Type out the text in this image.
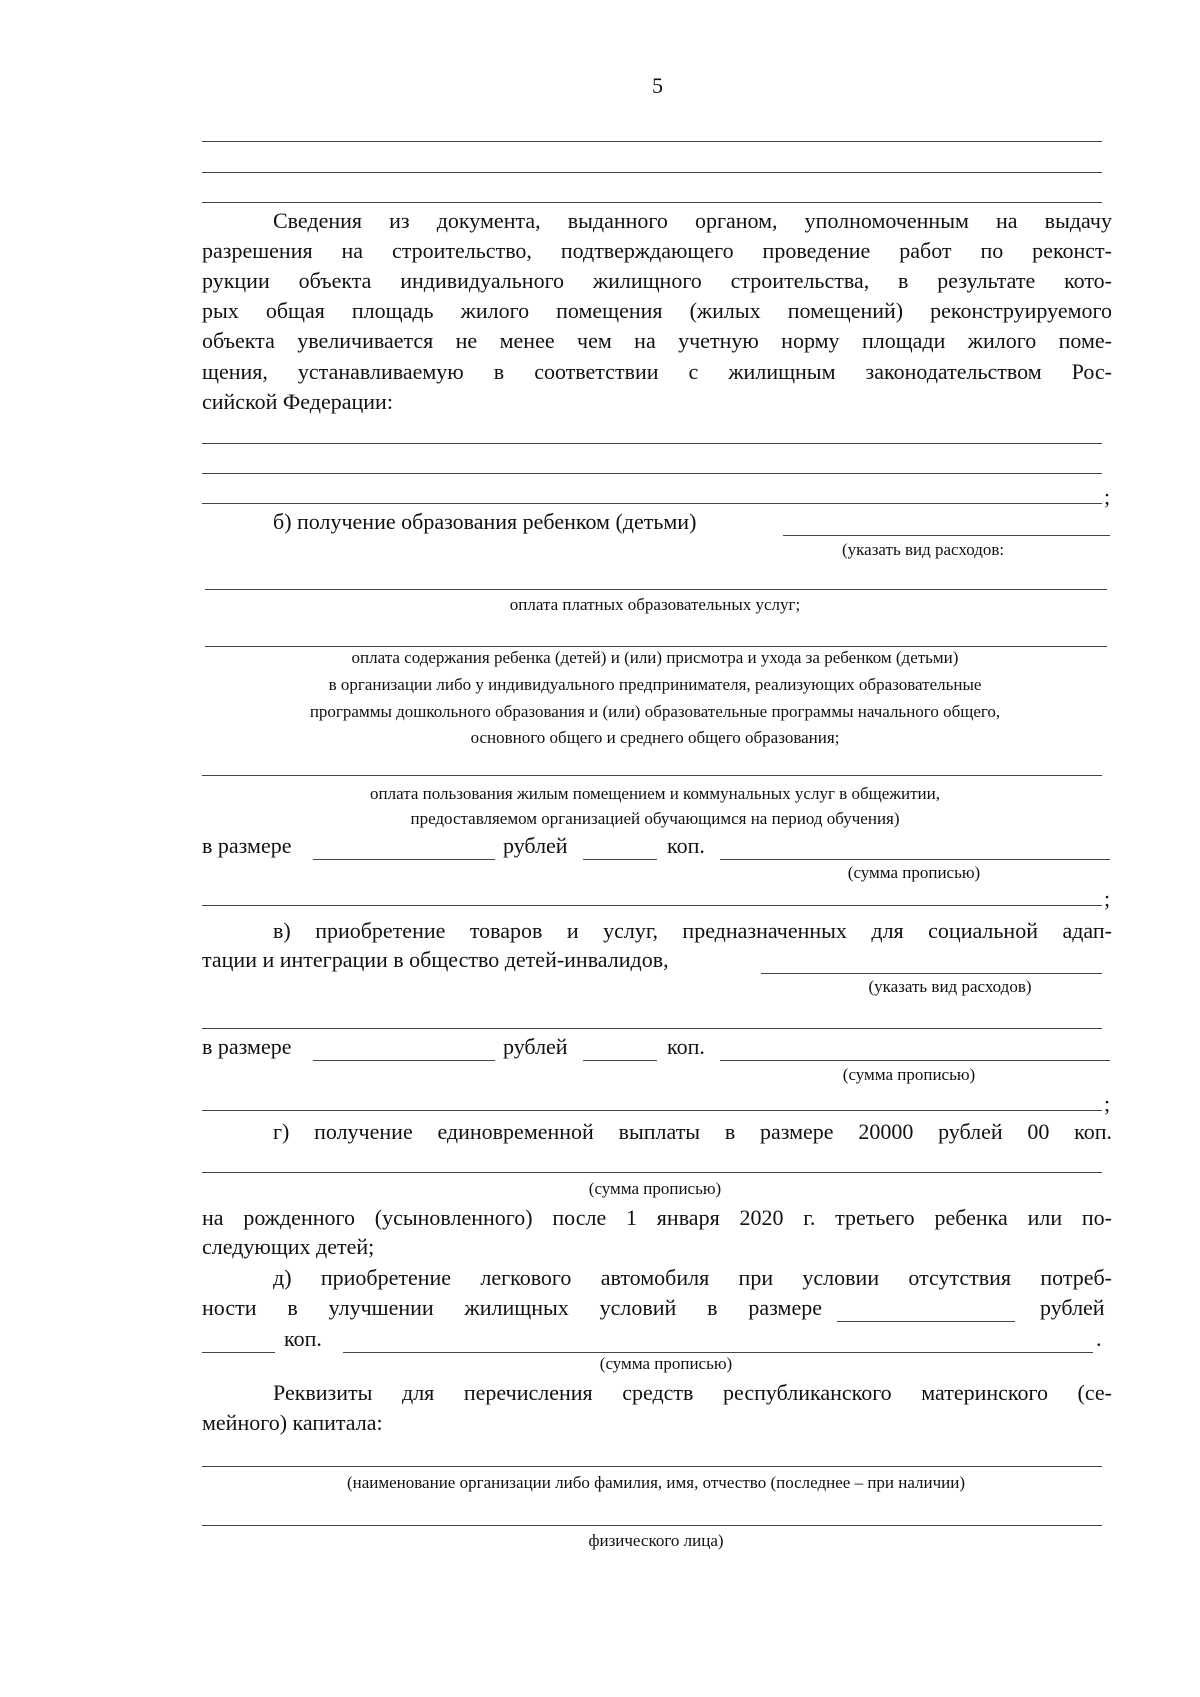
5
Сведения из документа, выданного органом, уполномоченным на выдачу
разрешения на строительство, подтверждающего проведение работ по реконст-
рукции объекта индивидуального жилищного строительства, в результате кото-
рых общая площадь жилого помещения (жилых помещений) реконструируемого
объекта увеличивается не менее чем на учетную норму площади жилого поме-
щения, устанавливаемую в соответствии с жилищным законодательством Рос-
сийской Федерации:
;
б) получение образования ребенком (детьми)
(указать вид расходов:
оплата платных образовательных услуг;
оплата содержания ребенка (детей) и (или) присмотра и ухода за ребенком (детьми)
в организации либо у индивидуального предпринимателя, реализующих образовательные
программы дошкольного образования и (или) образовательные программы начального общего,
основного общего и среднего общего образования;
оплата пользования жилым помещением и коммунальных услуг в общежитии,
предоставляемом организацией обучающимся на период обучения)
в размере	рублей	коп.
(сумма прописью)
;
в) приобретение товаров и услуг, предназначенных для социальной адап-
тации и интеграции в общество детей-инвалидов,
(указать вид расходов)
в размере	рублей	коп.
(сумма прописью)
;
г) получение единовременной выплаты в размере 20000 рублей 00 коп.
(сумма прописью)
на рожденного (усыновленного) после 1 января 2020 г. третьего ребенка или по-
следующих детей;
д) приобретение легкового автомобиля при условии отсутствия потреб-
ности в улучшении жилищных условий в размере	рублей
коп.	.
(сумма прописью)
Реквизиты для перечисления средств республиканского материнского (се-
мейного) капитала:
(наименование организации либо фамилия, имя, отчество (последнее – при наличии)
физического лица)
